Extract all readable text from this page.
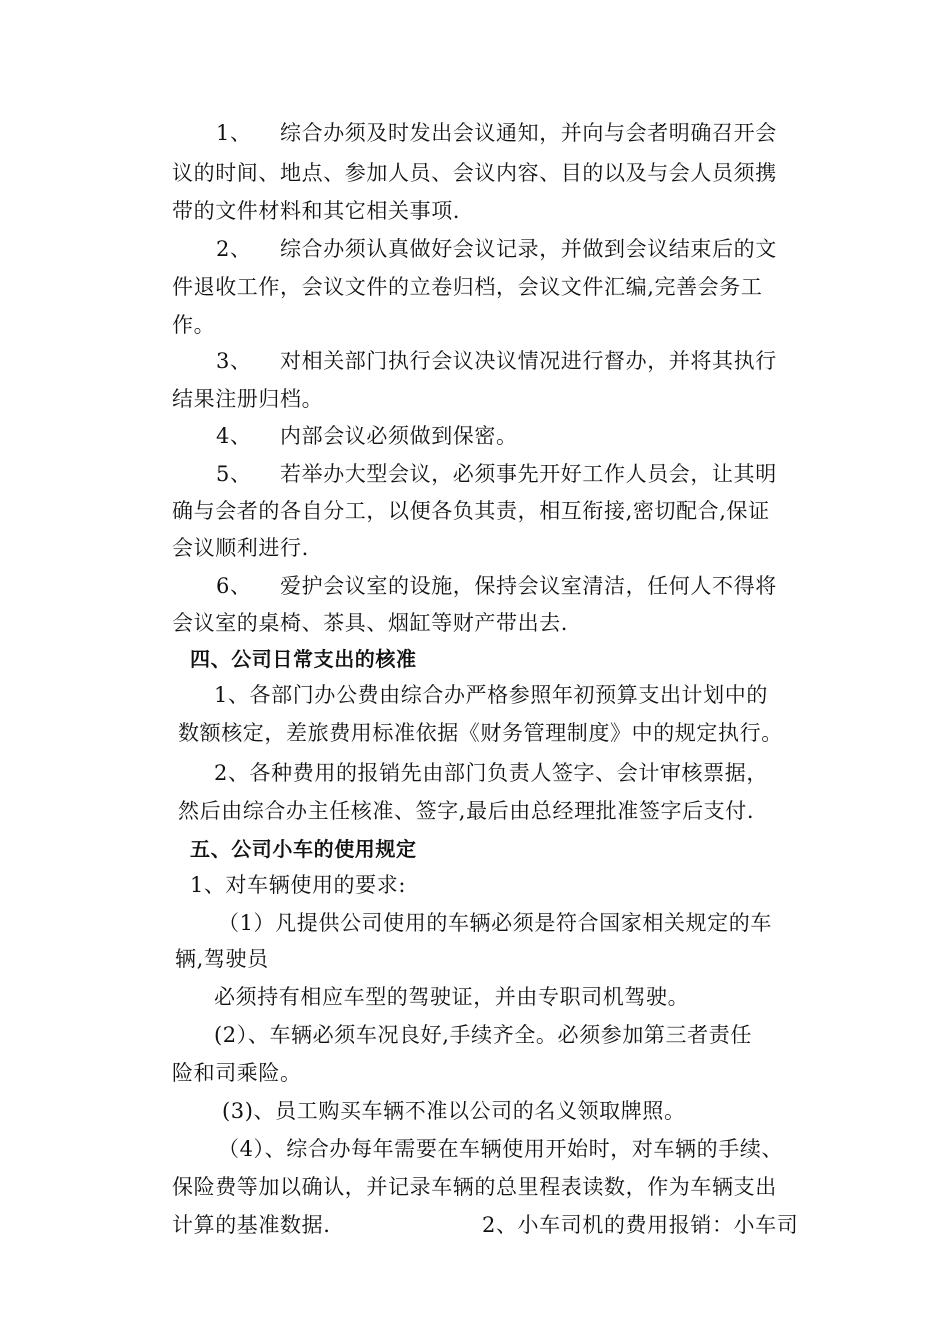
1、 综合办须及时发出会议通知，并向与会者明确召开会
议的时间、地点、参加人员、会议内容、目的以及与会人员须携
带的文件材料和其它相关事项.
2、 综合办须认真做好会议记录，并做到会议结束后的文
件退收工作，会议文件的立卷归档，会议文件汇编,完善会务工
作。
3、 对相关部门执行会议决议情况进行督办，并将其执行
结果注册归档。
4、 内部会议必须做到保密。
5、 若举办大型会议，必须事先开好工作人员会，让其明
确与会者的各自分工，以便各负其责，相互衔接,密切配合,保证
会议顺利进行.
6、 爱护会议室的设施，保持会议室清洁，任何人不得将
会议室的桌椅、茶具、烟缸等财产带出去.
四、公司日常支出的核准
1、各部门办公费由综合办严格参照年初预算支出计划中的
数额核定，差旅费用标准依据《财务管理制度》中的规定执行。
2、各种费用的报销先由部门负责人签字、会计审核票据，
然后由综合办主任核准、签字,最后由总经理批准签字后支付.
五、公司小车的使用规定
1、对车辆使用的要求:
（1）凡提供公司使用的车辆必须是符合国家相关规定的车
辆,驾驶员
必须持有相应车型的驾驶证，并由专职司机驾驶。
(2）、车辆必须车况良好,手续齐全。必须参加第三者责任
险和司乘险。
(3)、员工购买车辆不准以公司的名义领取牌照。
（4）、综合办每年需要在车辆使用开始时，对车辆的手续、
保险费等加以确认，并记录车辆的总里程表读数，作为车辆支出
计算的基准数据.	2、小车司机的费用报销：小车司
